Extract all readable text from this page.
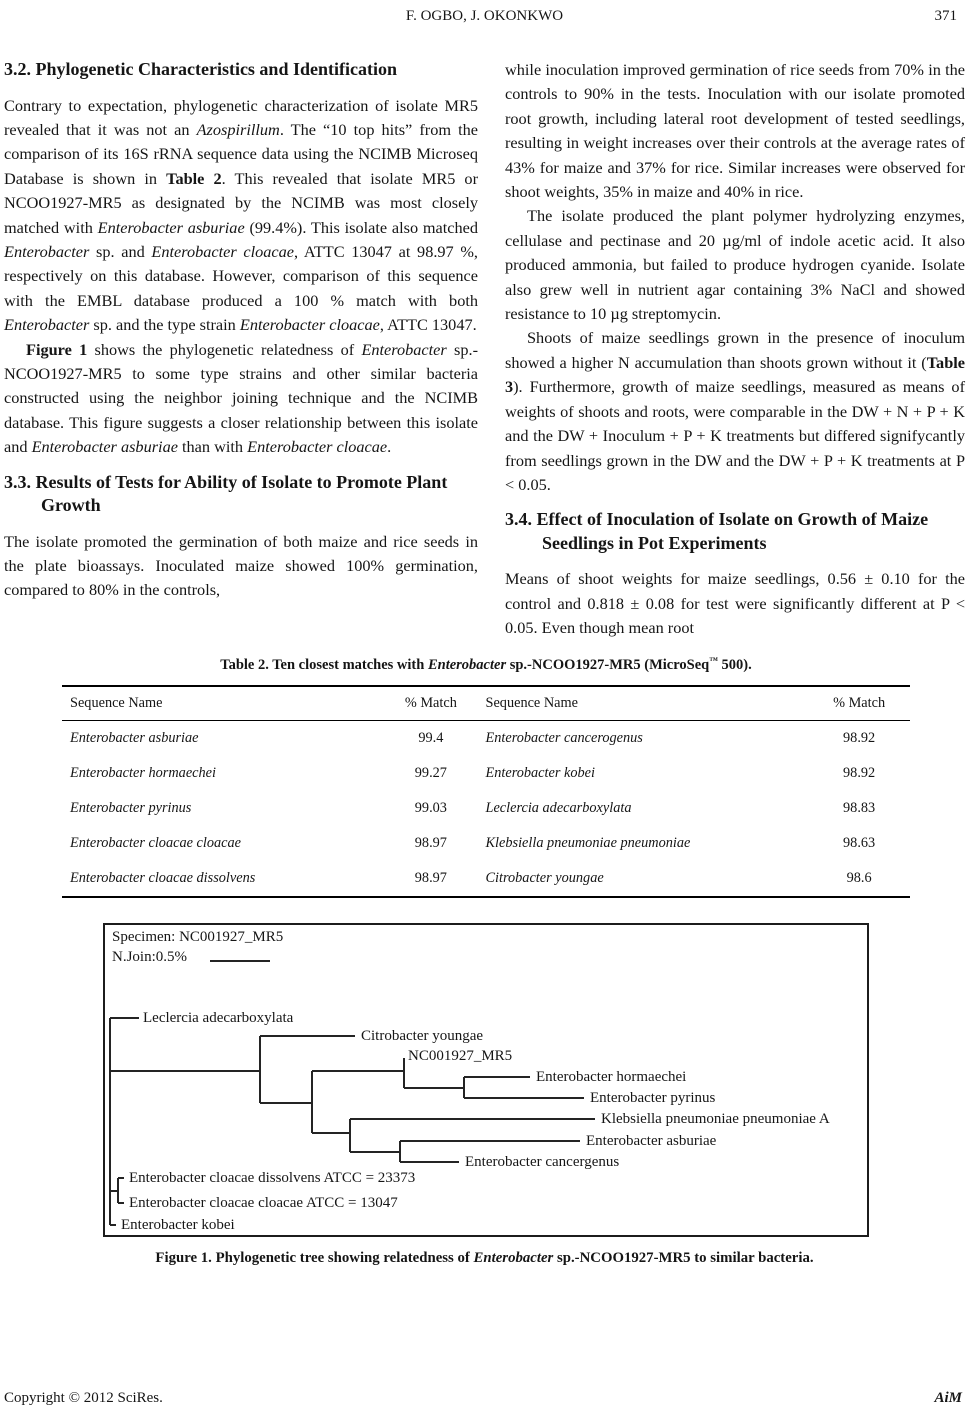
F. OGBO, J. OKONKWO	371
3.2. Phylogenetic Characteristics and Identification

Contrary to expectation, phylogenetic characterization of isolate MR5 revealed that it was not an Azospirillum. The “10 top hits” from the comparison of its 16S rRNA sequence data using the NCIMB Microseq Database is shown in Table 2. This revealed that isolate MR5 or NCOO1927-MR5 as designated by the NCIMB was most closely matched with Enterobacter asburiae (99.4%). This isolate also matched Enterobacter sp. and Enterobacter cloacae, ATTC 13047 at 98.97 %, respectively on this database. However, comparison of this sequence with the EMBL database produced a 100 % match with both Enterobacter sp. and the type strain Enterobacter cloacae, ATTC 13047.

Figure 1 shows the phylogenetic relatedness of Enterobacter sp.-NCOO1927-MR5 to some type strains and other similar bacteria constructed using the neighbor joining technique and the NCIMB database. This figure suggests a closer relationship between this isolate and Enterobacter asburiae than with Enterobacter cloacae.

3.3. Results of Tests for Ability of Isolate to Promote Plant Growth

The isolate promoted the germination of both maize and rice seeds in the plate bioassays. Inoculated maize showed 100% germination, compared to 80% in the controls,

while inoculation improved germination of rice seeds from 70% in the controls to 90% in the tests. Inoculation with our isolate promoted root growth, including lateral root development of tested seedlings, resulting in weight increases over their controls at the average rates of 43% for maize and 37% for rice. Similar increases were observed for shoot weights, 35% in maize and 40% in rice.

The isolate produced the plant polymer hydrolyzing enzymes, cellulase and pectinase and 20 µg/ml of indole acetic acid. It also produced ammonia, but failed to produce hydrogen cyanide. Isolate also grew well in nutrient agar containing 3% NaCl and showed resistance to 10 µg streptomycin.

Shoots of maize seedlings grown in the presence of inoculum showed a higher N accumulation than shoots grown without it (Table 3). Furthermore, growth of maize seedlings, measured as means of weights of shoots and roots, were comparable in the DW + N + P + K and the DW + Inoculum + P + K treatments but differed signifycantly from seedlings grown in the DW and the DW + P + K treatments at P < 0.05.

3.4. Effect of Inoculation of Isolate on Growth of Maize Seedlings in Pot Experiments

Means of shoot weights for maize seedlings, 0.56 ± 0.10 for the control and 0.818 ± 0.08 for test were significantly different at P < 0.05. Even though mean root

Table 2. Ten closest matches with Enterobacter sp.-NCOO1927-MR5 (MicroSeq™ 500).
Sequence Name	% Match	Sequence Name	% Match
Enterobacter asburiae	99.4	Enterobacter cancerogenus	98.92
Enterobacter hormaechei	99.27	Enterobacter kobei	98.92
Enterobacter pyrinus	99.03	Leclercia adecarboxylata	98.83
Enterobacter cloacae cloacae	98.97	Klebsiella pneumoniae pneumoniae	98.63
Enterobacter cloacae dissolvens	98.97	Citrobacter youngae	98.6
Specimen: NC001927_MR5
N.Join:0.5%
Leclercia adecarboxylata
Citrobacter youngae
NC001927_MR5
Enterobacter hormaechei
Enterobacter pyrinus
Klebsiella pneumoniae pneumoniae A
Enterobacter asburiae
Enterobacter cancergenus
Enterobacter cloacae dissolvens ATCC = 23373
Enterobacter cloacae cloacae ATCC = 13047
Enterobacter kobei
Figure 1. Phylogenetic tree showing relatedness of Enterobacter sp.-NCOO1927-MR5 to similar bacteria.
Copyright © 2012 SciRes.	AiM
